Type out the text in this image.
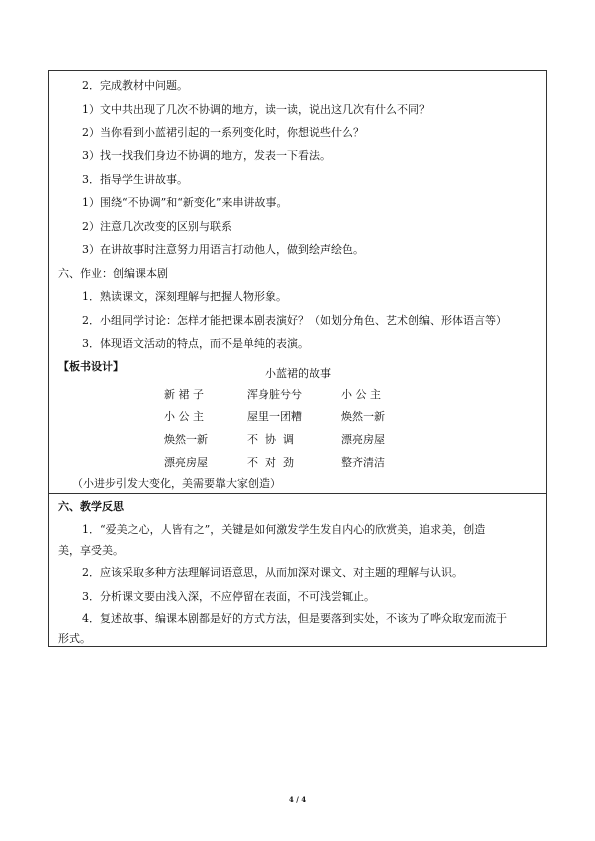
2．完成教材中问题。
1）文中共出现了几次不协调的地方，读一读，说出这几次有什么不同？
2）当你看到小蓝裙引起的一系列变化时，你想说些什么？
3）找一找我们身边不协调的地方，发表一下看法。
3．指导学生讲故事。
1）围绕“不协调”和“新变化”来串讲故事。
2）注意几次改变的区别与联系
3）在讲故事时注意努力用语言打动他人，做到绘声绘色。
六、作业：创编课本剧
1．熟读课文，深刻理解与把握人物形象。
2．小组同学讨论：怎样才能把课本剧表演好？（如划分角色、艺术创编、形体语言等）
3．体现语文活动的特点，而不是单纯的表演。
【板书设计】
小蓝裙的故事
新 裙 子	浑身脏兮兮	小 公 主
小 公 主	屋里一团糟	焕然一新
焕然一新	不  协  调	漂亮房屋
漂亮房屋	不  对  劲	整齐清洁
（小进步引发大变化，美需要靠大家创造）
六、教学反思
1．“爱美之心，人皆有之”，关键是如何激发学生发自内心的欣赏美，追求美，创造
美，享受美。
2．应该采取多种方法理解词语意思，从而加深对课文、对主题的理解与认识。
3．分析课文要由浅入深，不应停留在表面，不可浅尝辄止。
4．复述故事、编课本剧都是好的方式方法，但是要落到实处，不该为了哗众取宠而流于
形式。
4 / 4
